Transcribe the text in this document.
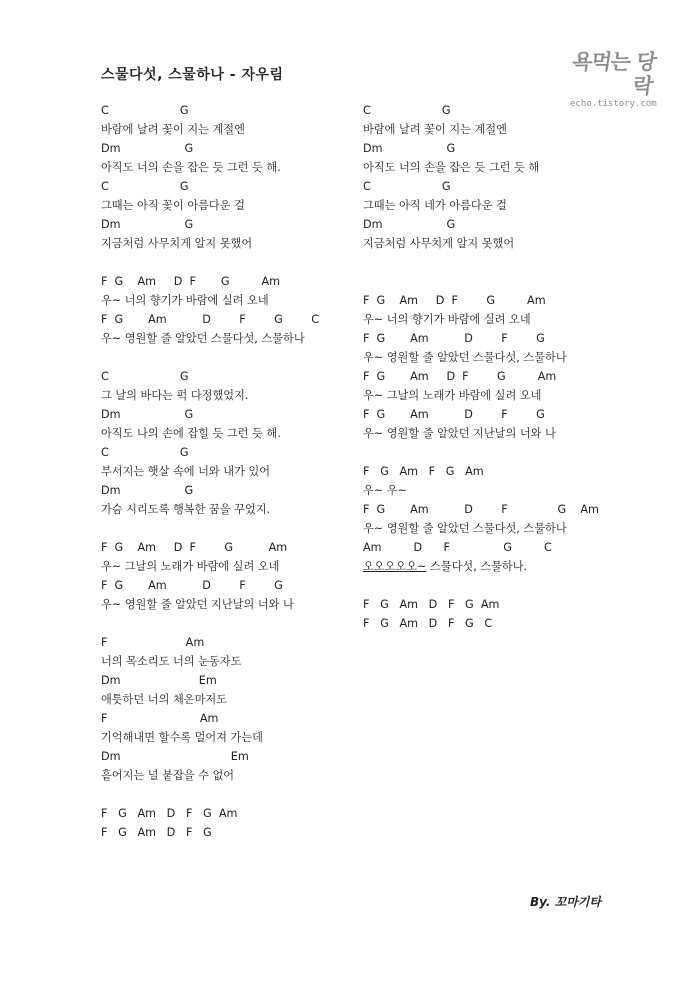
스물다섯, 스물하나 - 자우림
욕먹는 당락
echo.tistory.com
C                    G
바람에 날려 꽃이 지는 계절엔
Dm                  G
아직도 너의 손을 잡은 듯 그런 듯 해.
C                    G
그때는 아직 꽃이 아름다운 걸
Dm                  G
지금처럼 사무치게 알지 못했어
F  G    Am     D  F       G         Am
우~ 너의 향기가 바람에 실려 오네
F  G       Am          D        F        G        C
우~ 영원할 줄 알았던 스물다섯, 스물하나
C                    G
그 날의 바다는 퍽 다정했었지.
Dm                  G
아직도 나의 손에 잡힐 듯 그런 듯 해.
C                    G
부서지는 햇살 속에 너와 내가 있어
Dm                  G
가슴 시리도록 행복한 꿈을 꾸었지.
F  G    Am     D  F        G          Am
우~ 그날의 노래가 바람에 실려 오네
F  G       Am          D        F        G
우~ 영원할 줄 알았던 지난날의 너와 나
F                      Am
너의 목소리도 너의 눈동자도
Dm                      Em
애틋하던 너의 체온마저도
F                          Am
기억해내면 할수록 멀어져 가는데
Dm                               Em
흩어지는 널 붙잡을 수 없어
F   G   Am   D   F   G  Am
F   G   Am   D   F   G
C                    G
바람에 날려 꽃이 지는 계절엔
Dm                  G
아직도 너의 손을 잡은 듯 그런 듯 해
C                    G
그때는 아직 네가 아름다운 걸
Dm                  G
지금처럼 사무치게 알지 못했어
F  G    Am     D  F        G         Am
우~ 너의 향기가 바람에 실려 오네
F  G       Am          D        F        G
우~ 영원할 줄 알았던 스물다섯, 스물하나
F  G       Am     D  F        G         Am
우~ 그날의 노래가 바람에 실려 오네
F  G       Am          D        F        G
우~ 영원할 줄 알았던 지난날의 너와 나
F   G   Am   F   G   Am
우~ 우~
F  G       Am          D        F              G    Am
우~ 영원할 줄 알았던 스물다섯, 스물하나
Am         D      F               G         C
오오오오오~ 스물다섯, 스물하나.
F   G   Am   D   F   G  Am
F   G   Am   D   F   G   C
By. 꼬마기타
